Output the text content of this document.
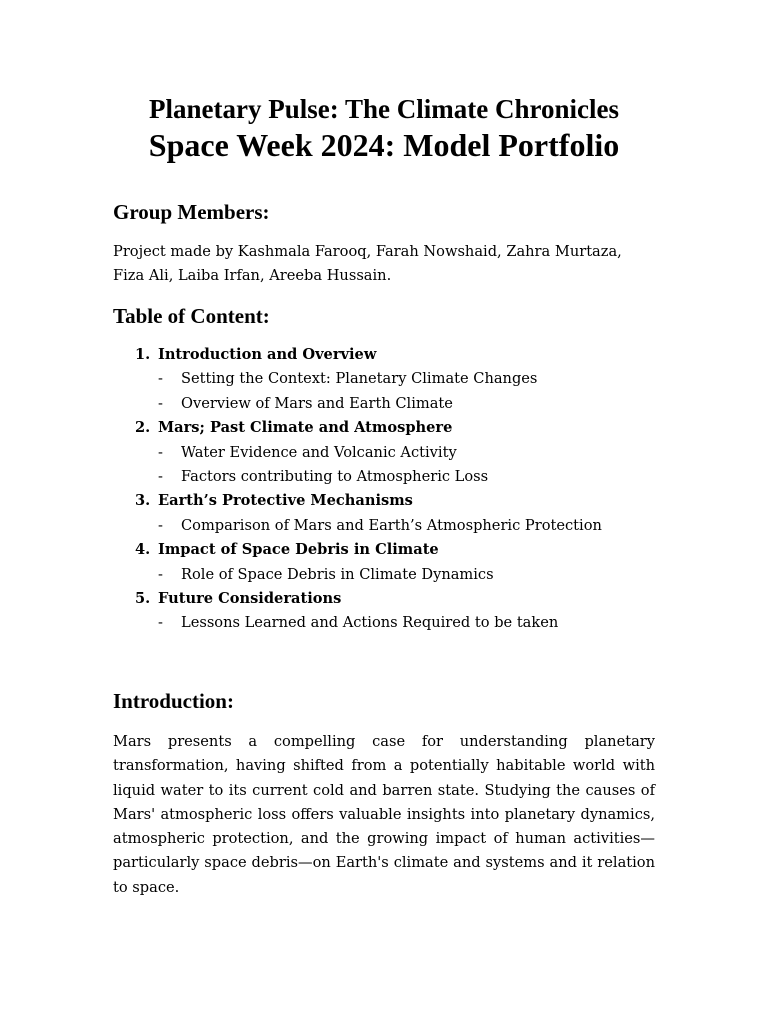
Planetary Pulse: The Climate Chronicles
Space Week 2024: Model Portfolio
Group Members:

Project made by Kashmala Farooq, Farah Nowshaid, Zahra Murtaza, Fiza Ali, Laiba Irfan, Areeba Hussain.

Table of Content:
1. Introduction and Overview
- Setting the Context: Planetary Climate Changes
- Overview of Mars and Earth Climate
2. Mars; Past Climate and Atmosphere
- Water Evidence and Volcanic Activity
- Factors contributing to Atmospheric Loss
3. Earth’s Protective Mechanisms
- Comparison of Mars and Earth’s Atmospheric Protection
4. Impact of Space Debris in Climate
- Role of Space Debris in Climate Dynamics
5. Future Considerations
- Lessons Learned and Actions Required to be taken
Introduction:

Mars presents a compelling case for understanding planetary transformation, having shifted from a potentially habitable world with liquid water to its current cold and barren state. Studying the causes of Mars' atmospheric loss offers valuable insights into planetary dynamics, atmospheric protection, and the growing impact of human activities—particularly space debris—on Earth's climate and systems and it relation to space.
